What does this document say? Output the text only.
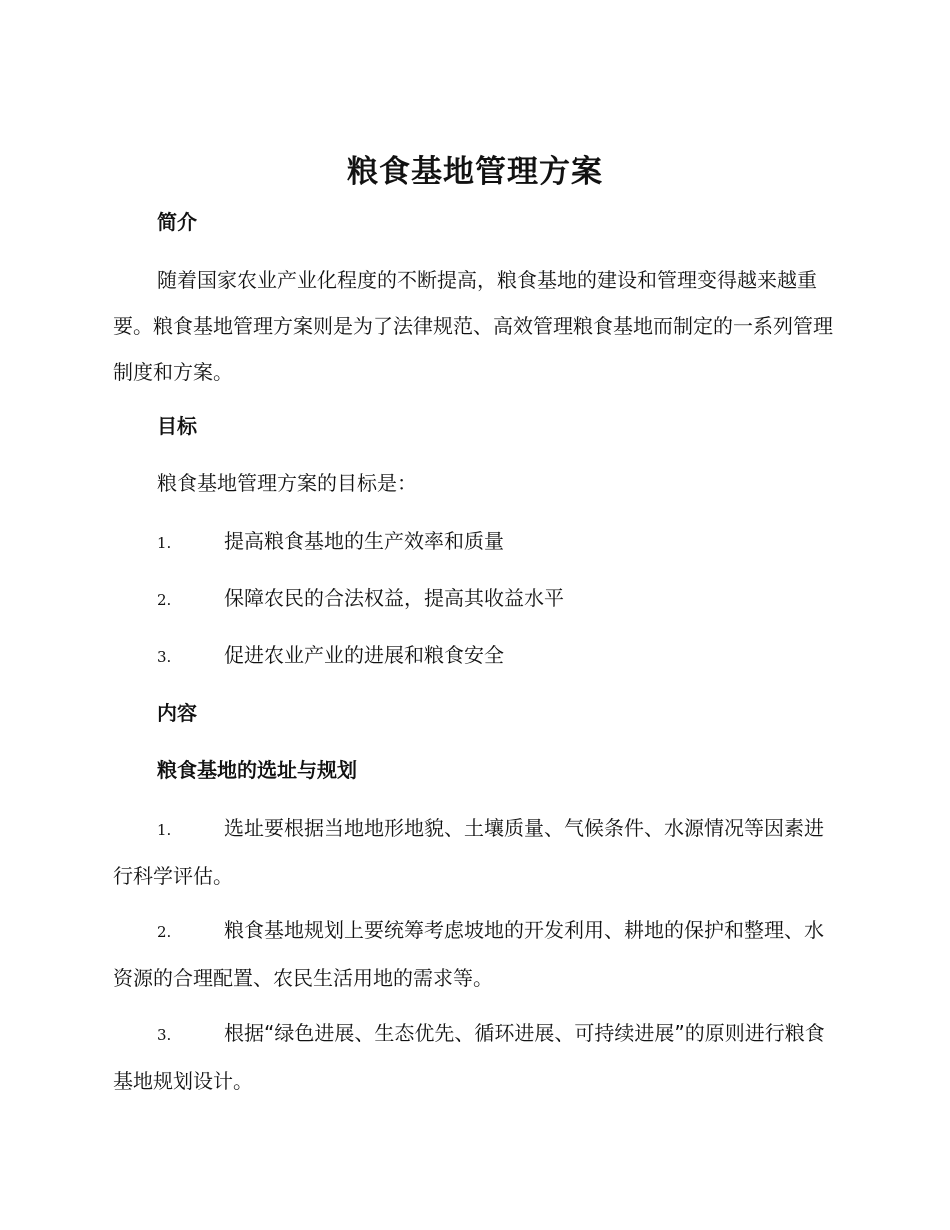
粮食基地管理方案
简介

随着国家农业产业化程度的不断提高，粮食基地的建设和管理变得越来越重要。粮食基地管理方案则是为了法律规范、高效管理粮食基地而制定的一系列管理制度和方案。

目标

粮食基地管理方案的目标是：

1.	提高粮食基地的生产效率和质量

2.	保障农民的合法权益，提高其收益水平

3.	促进农业产业的进展和粮食安全

内容
粮食基地的选址与规划

1.	选址要根据当地地形地貌、土壤质量、气候条件、水源情况等因素进行科学评估。

2.	粮食基地规划上要统筹考虑坡地的开发利用、耕地的保护和整理、水资源的合理配置、农民生活用地的需求等。

3.	根据“绿色进展、生态优先、循环进展、可持续进展”的原则进行粮食基地规划设计。
